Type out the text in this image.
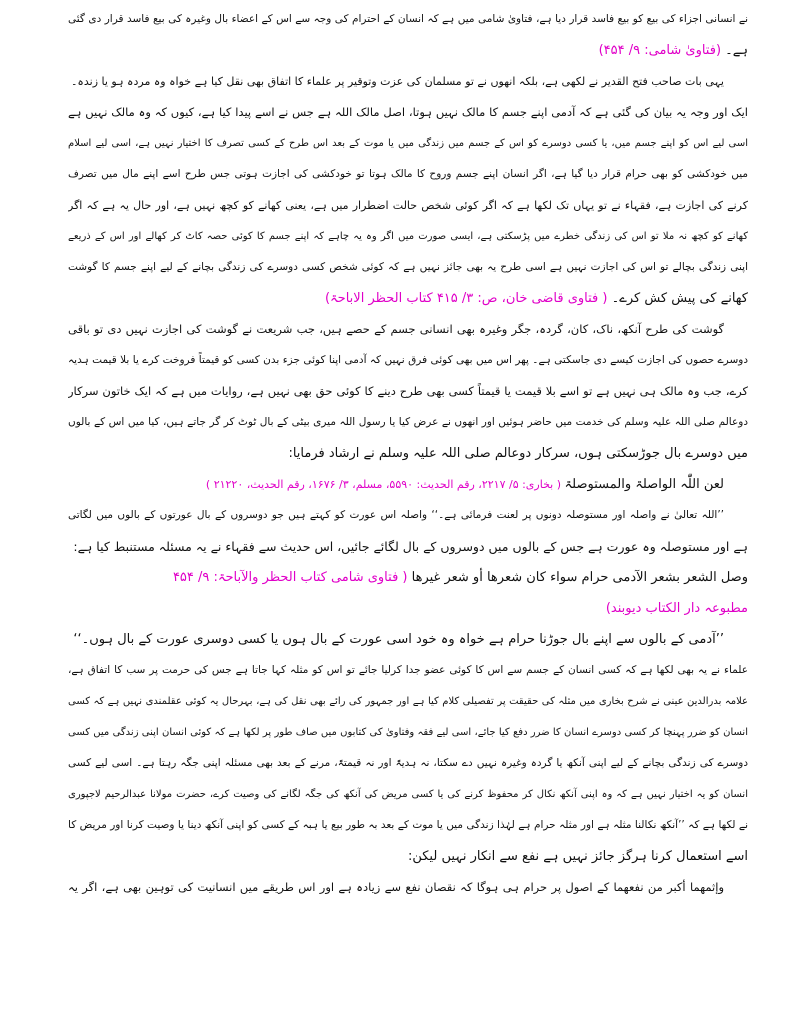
نے انسانی اجزاء کی بیع کو بیع فاسد قرار دیا ہے، فتاویٰ شامی میں ہے کہ انسان کے احترام کی وجہ سے اس کے اعضاء بال وغیرہ کی بیع فاسد قرار دی گئی
ہے۔ (فتاویٰ شامی: ۹/ ۴۵۴)
یہی بات صاحب فتح القدیر نے لکھی ہے، بلکہ انھوں نے تو مسلمان کی عزت وتوقیر پر علماء کا اتفاق بھی نقل کیا ہے خواہ وہ مردہ ہو یا زندہ۔
ایک اور وجہ یہ بیان کی گئی ہے کہ آدمی اپنے جسم کا مالک نہیں ہوتا، اصل مالک اللہ ہے جس نے اسے پیدا کیا ہے، کیوں کہ وہ مالک نہیں ہے
اسی لیے اس کو اپنے جسم میں، یا کسی دوسرے کو اس کے جسم میں زندگی میں یا موت کے بعد اس طرح کے کسی تصرف کا اختیار نہیں ہے، اسی لیے اسلام
میں خودکشی کو بھی حرام قرار دیا گیا ہے، اگر انسان اپنے جسم وروح کا مالک ہوتا تو خودکشی کی اجازت ہوتی جس طرح اسے اپنے مال میں تصرف
کرنے کی اجازت ہے، فقہاء نے تو یہاں تک لکھا ہے کہ اگر کوئی شخص حالت اضطرار میں ہے، یعنی کھانے کو کچھ نہیں ہے، اور حال یہ ہے کہ اگر
کھانے کو کچھ نہ ملا تو اس کی زندگی خطرے میں پڑسکتی ہے، ایسی صورت میں اگر وہ یہ چاہے کہ اپنے جسم کا کوئی حصہ کاٹ کر کھالے اور اس کے ذریعے
اپنی زندگی بچالے تو اس کی اجازت نہیں ہے اسی طرح یہ بھی جائز نہیں ہے کہ کوئی شخص کسی دوسرے کی زندگی بچانے کے لیے اپنے جسم کا گوشت
کھانے کی پیش کش کرے۔ ( فتاوی قاضی خان، ص: ۳/ ۴۱۵ کتاب الحظر الاباحۃ)
گوشت کی طرح آنکھ، ناک، کان، گردہ، جگر وغیرہ بھی انسانی جسم کے حصے ہیں، جب شریعت نے گوشت کی اجازت نہیں دی تو باقی
دوسرے حصوں کی اجازت کیسے دی جاسکتی ہے۔ پھر اس میں بھی کوئی فرق نہیں کہ آدمی اپنا کوئی جزء بدن کسی کو قیمتاً فروخت کرے یا بلا قیمت ہدیہ
کرے، جب وہ مالک ہی نہیں ہے تو اسے بلا قیمت یا قیمتاً کسی بھی طرح دینے کا کوئی حق بھی نہیں ہے، روایات میں ہے کہ ایک خاتون سرکار
دوعالم صلی اللہ علیہ وسلم کی خدمت میں حاضر ہوئیں اور انھوں نے عرض کیا یا رسول اللہ میری بیٹی کے بال ٹوٹ کر گر جاتے ہیں، کیا میں اس کے بالوں
میں دوسرے بال جوڑسکتی ہوں، سرکار دوعالم صلی اللہ علیہ وسلم نے ارشاد فرمایا:
لعن اللّٰہ الواصلۃ والمستوصلۃ ( بخاری: ۵/ ۲۲۱۷، رقم الحدیث: ۵۵۹۰، مسلم، ۳/ ۱۶۷۶، رقم الحدیث، ۲۱۲۲۰ )
’’اللہ تعالیٰ نے واصلہ اور مستوصلہ دونوں پر لعنت فرمائی ہے۔‘‘ واصلہ اس عورت کو کہتے ہیں جو دوسروں کے بال عورتوں کے بالوں میں لگاتی
ہے اور مستوصلہ وہ عورت ہے جس کے بالوں میں دوسروں کے بال لگائے جائیں، اس حدیث سے فقہاء نے یہ مسئلہ مستنبط کیا ہے:
وصل الشعر بشعر الآدمی حرام سواء کان شعرھا أو شعر غیرھا ( فتاوی شامی کتاب الحظر والآباحۃ: ۹/ ۴۵۴
مطبوعہ دار الکتاب دیوبند)
’’آدمی کے بالوں سے اپنے بال جوڑنا حرام ہے خواہ وہ خود اسی عورت کے بال ہوں یا کسی دوسری عورت کے بال ہوں۔‘‘
علماء نے یہ بھی لکھا ہے کہ کسی انسان کے جسم سے اس کا کوئی عضو جدا کرلیا جائے تو اس کو مثلہ کہا جاتا ہے جس کی حرمت پر سب کا اتفاق ہے،
علامہ بدرالدین عینی نے شرح بخاری میں مثلہ کی حقیقت پر تفصیلی کلام کیا ہے اور جمہور کی رائے بھی نقل کی ہے، بہرحال یہ کوئی عقلمندی نہیں ہے کہ کسی
انسان کو ضرر پہنچا کر کسی دوسرے انسان کا ضرر دفع کیا جائے، اسی لیے فقہ وفتاویٰ کی کتابوں میں صاف طور پر لکھا ہے کہ کوئی انسان اپنی زندگی میں کسی
دوسرے کی زندگی بچانے کے لیے اپنی آنکھ یا گردہ وغیرہ نہیں دے سکتا، نہ ہدیۃً اور نہ قیمتۃً، مرنے کے بعد بھی مسئلہ اپنی جگہ رہتا ہے۔ اسی لیے کسی
انسان کو یہ اختیار نہیں ہے کہ وہ اپنی آنکھ نکال کر محفوظ کرنے کی یا کسی مریض کی آنکھ کی جگہ لگانے کی وصیت کرے، حضرت مولانا عبدالرحیم لاجپوری
نے لکھا ہے کہ ’’آنکھ نکالنا مثلہ ہے اور مثلہ حرام ہے لہٰذا زندگی میں یا موت کے بعد بہ طور بیع یا ہبہ کے کسی کو اپنی آنکھ دینا یا وصیت کرنا اور مریض کا
اسے استعمال کرنا ہرگز جائز نہیں ہے نفع سے انکار نہیں لیکن:
وإثمھما أکبر من نفعھما کے اصول پر حرام ہی ہوگا کہ نقصان نفع سے زیادہ ہے اور اس طریقے میں انسانیت کی توہین بھی ہے، اگر یہ
